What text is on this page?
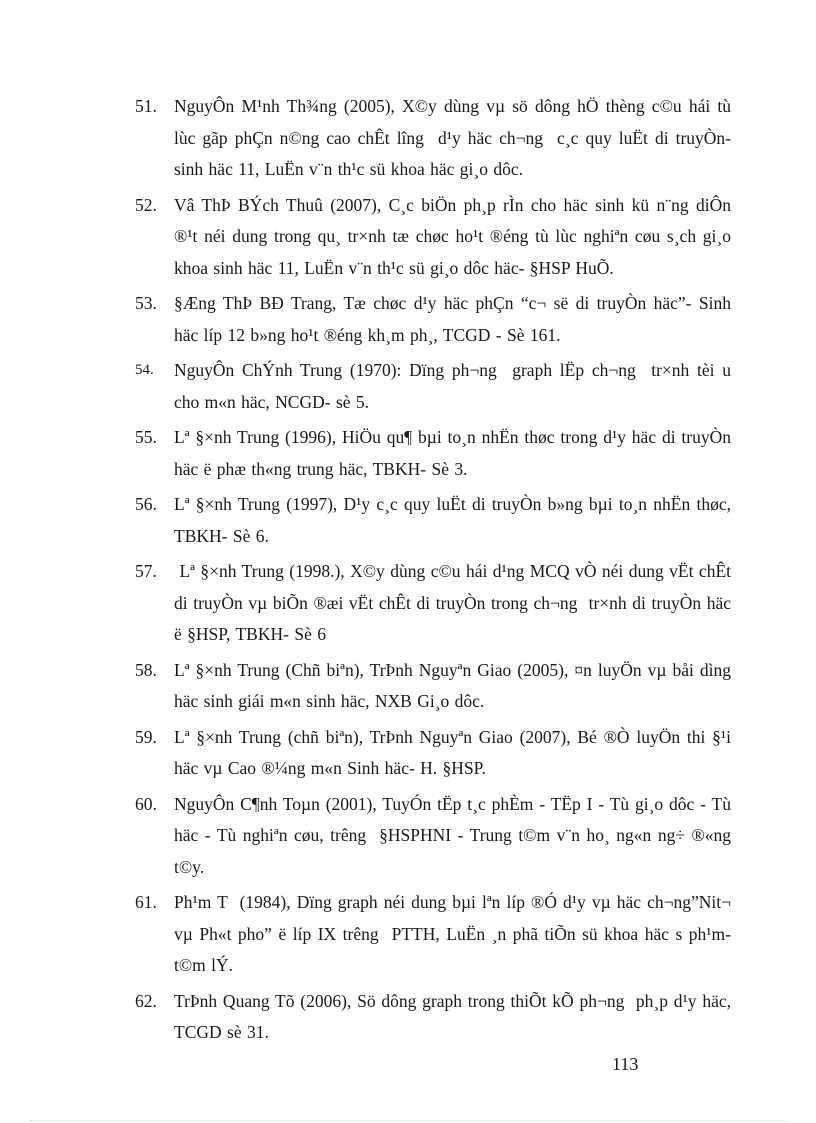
51. NguyÔn M¹nh Th¾ng (2005), X©y dùng vµ sö dông hÖ thèng c©u hái tù lùc gãp phÇn n©ng cao chÊt lîng  d¹y häc ch¬ng  c¸c quy luËt di truyÒn- sinh häc 11, LuËn v¨n th¹c sü khoa häc gi¸o dôc.
52. Vâ ThÞ BÝch Thuû (2007), C¸c biÖn ph¸p rÌn cho häc sinh kü n¨ng diÔn ®¹t néi dung trong qu¸ tr×nh tæ chøc ho¹t ®éng tù lùc nghiªn cøu s¸ch gi¸o khoa sinh häc 11, LuËn v¨n th¹c sü gi¸o dôc häc- §HSP HuÕ.
53. §Æng ThÞ BÐ Trang, Tæ chøc d¹y häc phÇn “c¬ së di truyÒn häc”- Sinh häc líp 12 b»ng ho¹t ®éng kh¸m ph¸, TCGD - Sè 161.
54. NguyÔn ChÝnh Trung (1970): Dïng ph¬ng  graph lËp ch¬ng  tr×nh tèi u  cho m«n häc, NCGD- sè 5.
55. Lª §×nh Trung (1996), HiÖu qu¶ bµi to¸n nhËn thøc trong d¹y häc di truyÒn häc ë phæ th«ng trung häc, TBKH- Sè 3.
56. Lª §×nh Trung (1997), D¹y c¸c quy luËt di truyÒn b»ng bµi to¸n nhËn thøc, TBKH- Sè 6.
57. Lª §×nh Trung (1998.), X©y dùng c©u hái d¹ng MCQ vÒ néi dung vËt chÊt di truyÒn vµ biÕn ®æi vËt chÊt di truyÒn trong ch¬ng  tr×nh di truyÒn häc ë §HSP, TBKH- Sè 6
58. Lª §×nh Trung (Chñ biªn), TrÞnh Nguyªn Giao (2005), ¤n luyÖn vµ båi dìng  häc sinh giái m«n sinh häc, NXB Gi¸o dôc.
59. Lª §×nh Trung (chñ biªn), TrÞnh Nguyªn Giao (2007), Bé ®Ò luyÖn thi §¹i häc vµ Cao ®¼ng m«n Sinh häc- H. §HSP.
60. NguyÔn C¶nh Toµn (2001), TuyÓn tËp t¸c phÈm - TËp I - Tù gi¸o dôc - Tù häc - Tù nghiªn cøu, trêng  §HSPHNI - Trung t©m v¨n ho¸ ng«n ng÷ ®«ng t©y.
61. Ph¹m T  (1984), Dïng graph néi dung bµi lªn líp ®Ó d¹y vµ häc ch¬ng”Nit¬  vµ Ph«t pho” ë líp IX trêng  PTTH, LuËn ¸n phã tiÕn sü khoa häc s ph¹m- t©m lÝ.
62. TrÞnh Quang Tõ (2006), Sö dông graph trong thiÕt kÕ ph¬ng  ph¸p d¹y häc, TCGD sè 31.
113
